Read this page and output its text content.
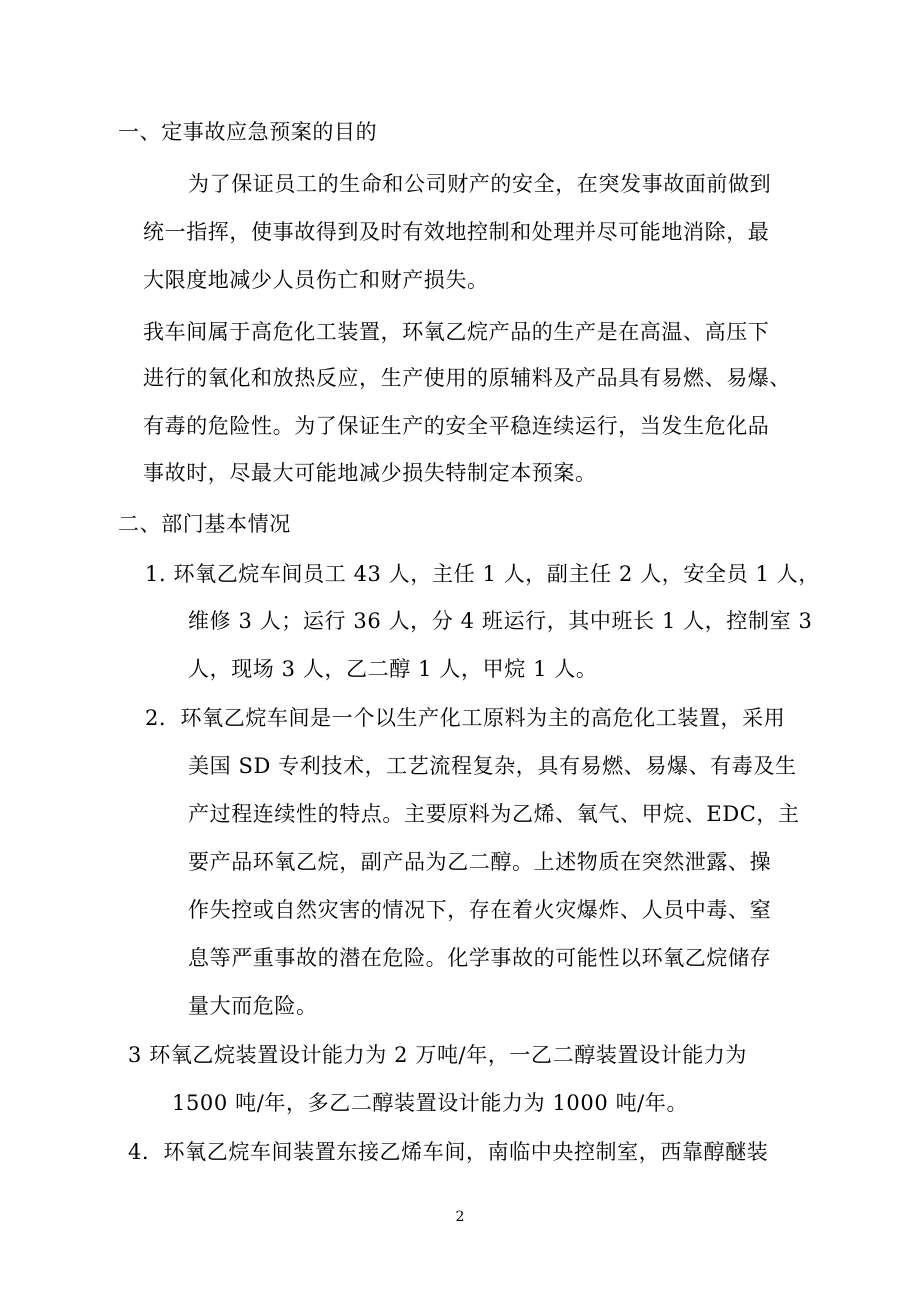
一、定事故应急预案的目的
为了保证员工的生命和公司财产的安全，在突发事故面前做到
统一指挥，使事故得到及时有效地控制和处理并尽可能地消除，最
大限度地减少人员伤亡和财产损失。
我车间属于高危化工装置，环氧乙烷产品的生产是在高温、高压下
进行的氧化和放热反应，生产使用的原辅料及产品具有易燃、易爆、
有毒的危险性。为了保证生产的安全平稳连续运行，当发生危化品
事故时，尽最大可能地减少损失特制定本预案。
二、部门基本情况
1. 环氧乙烷车间员工 43 人，主任 1 人，副主任 2 人，安全员 1 人，
维修 3 人；运行 36 人，分 4 班运行，其中班长 1 人，控制室 3
人，现场 3 人，乙二醇 1 人，甲烷 1 人。
2．环氧乙烷车间是一个以生产化工原料为主的高危化工装置，采用
美国 SD 专利技术，工艺流程复杂，具有易燃、易爆、有毒及生
产过程连续性的特点。主要原料为乙烯、氧气、甲烷、EDC，主
要产品环氧乙烷，副产品为乙二醇。上述物质在突然泄露、操
作失控或自然灾害的情况下，存在着火灾爆炸、人员中毒、窒
息等严重事故的潜在危险。化学事故的可能性以环氧乙烷储存
量大而危险。
3 环氧乙烷装置设计能力为 2 万吨/年，一乙二醇装置设计能力为
1500 吨/年，多乙二醇装置设计能力为 1000 吨/年。
4．环氧乙烷车间装置东接乙烯车间，南临中央控制室，西靠醇醚装
2
